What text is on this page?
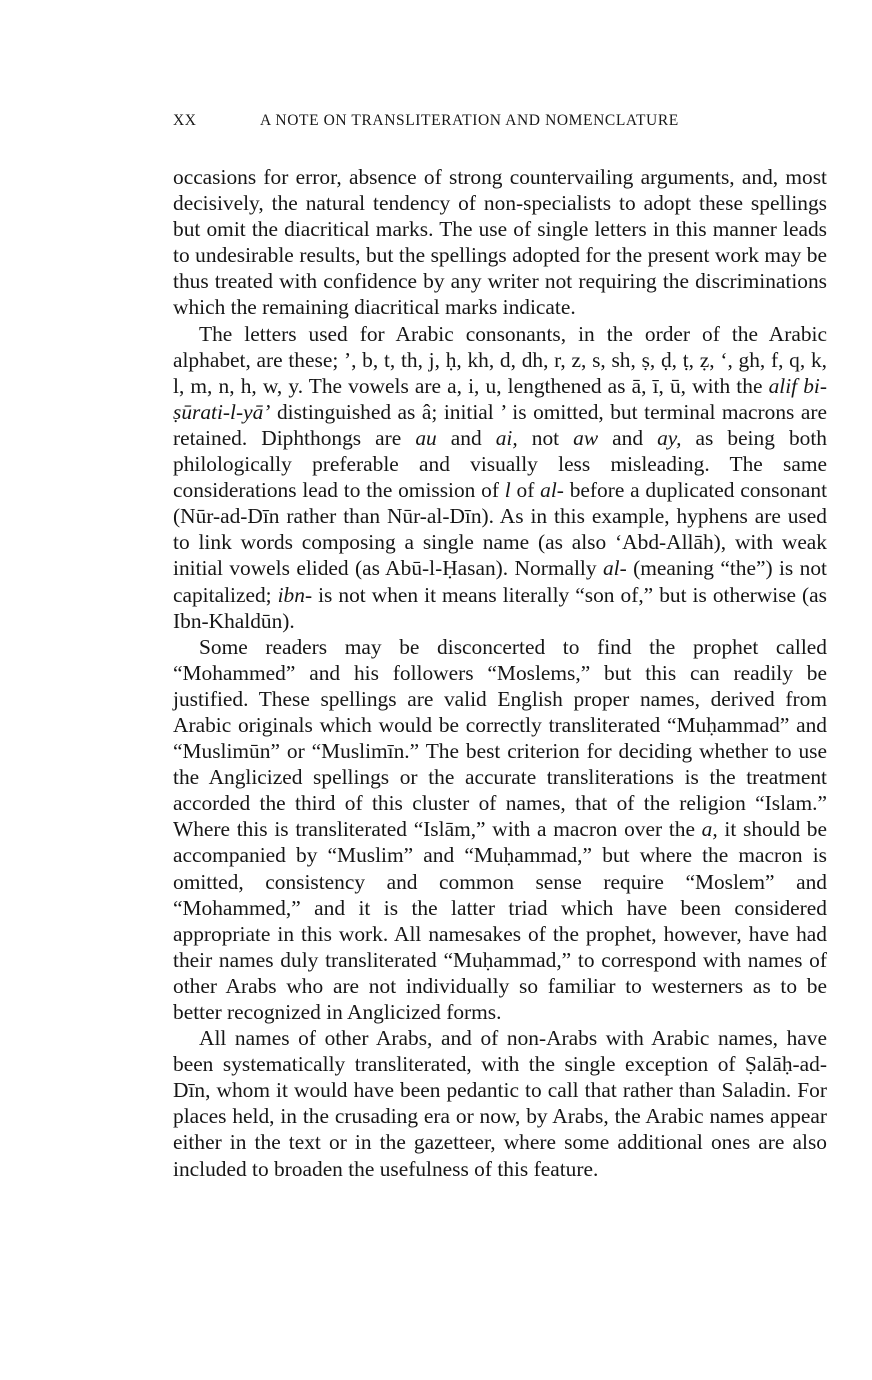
XX	A NOTE ON TRANSLITERATION AND NOMENCLATURE

occasions for error, absence of strong countervailing arguments, and, most decisively, the natural tendency of non-specialists to adopt these spellings but omit the diacritical marks. The use of single letters in this manner leads to undesirable results, but the spellings adopted for the present work may be thus treated with confidence by any writer not requiring the discriminations which the remaining diacritical marks indicate.

The letters used for Arabic consonants, in the order of the Arabic alphabet, are these; ’, b, t, th, j, ḥ, kh, d, dh, r, z, s, sh, ṣ, ḍ, ṭ, ẓ, ‘, gh, f, q, k, l, m, n, h, w, y. The vowels are a, i, u, lengthened as ā, ī, ū, with the alif bi-ṣūrati-l-yā’ distinguished as â; initial ’ is omitted, but terminal macrons are retained. Diphthongs are au and ai, not aw and ay, as being both philologically preferable and visually less misleading. The same considerations lead to the omission of l of al- before a duplicated consonant (Nūr-ad-Dīn rather than Nūr-al-Dīn). As in this example, hyphens are used to link words composing a single name (as also ‘Abd-Allāh), with weak initial vowels elided (as Abū-l-Ḥasan). Normally al- (meaning “the”) is not capitalized; ibn- is not when it means literally “son of,” but is otherwise (as Ibn-Khaldūn).

Some readers may be disconcerted to find the prophet called “Mohammed” and his followers “Moslems,” but this can readily be justified. These spellings are valid English proper names, derived from Arabic originals which would be correctly transliterated “Muḥammad” and “Muslimūn” or “Muslimīn.” The best criterion for deciding whether to use the Anglicized spellings or the accurate transliterations is the treatment accorded the third of this cluster of names, that of the religion “Islam.” Where this is transliterated “Islām,” with a macron over the a, it should be accompanied by “Muslim” and “Muḥammad,” but where the macron is omitted, consistency and common sense require “Moslem” and “Mohammed,” and it is the latter triad which have been considered appropriate in this work. All namesakes of the prophet, however, have had their names duly transliterated “Muḥammad,” to correspond with names of other Arabs who are not individually so familiar to westerners as to be better recognized in Anglicized forms.

All names of other Arabs, and of non-Arabs with Arabic names, have been systematically transliterated, with the single exception of Ṣalāḥ-ad-Dīn, whom it would have been pedantic to call that rather than Saladin. For places held, in the crusading era or now, by Arabs, the Arabic names appear either in the text or in the gazetteer, where some additional ones are also included to broaden the usefulness of this feature.
